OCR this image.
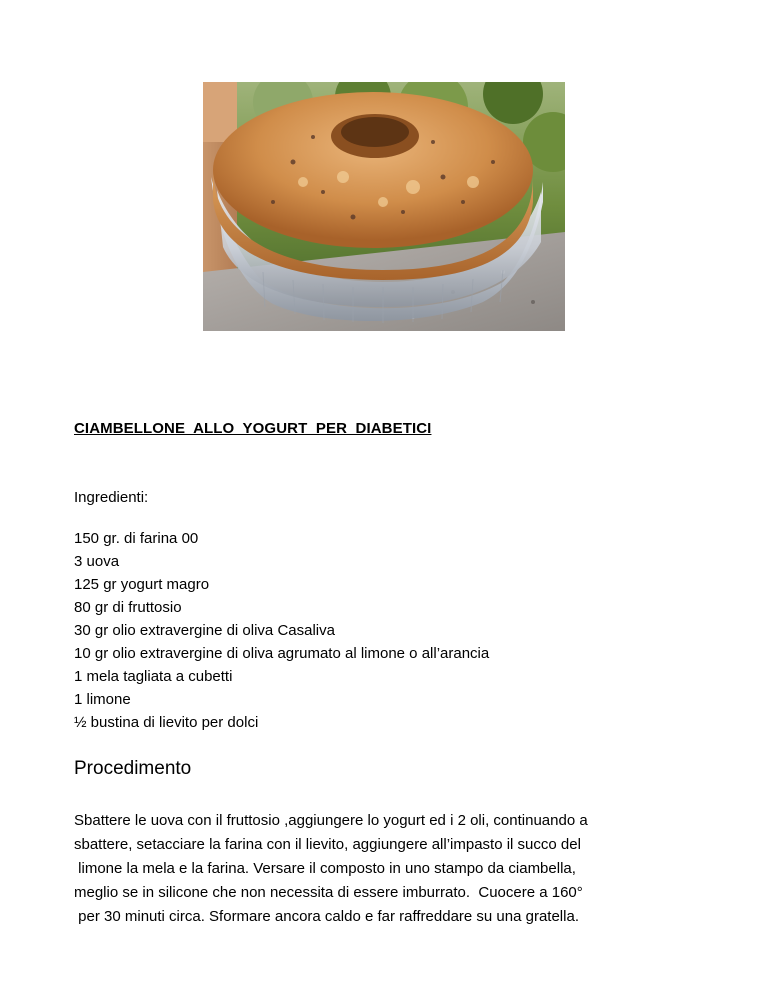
CIAMBELLONE  ALLO  YOGURT  PER  DIABETICI
Ingredienti:
150 gr. di farina 00
3 uova
125 gr yogurt magro
80 gr di fruttosio
30 gr olio extravergine di oliva Casaliva
10 gr olio extravergine di oliva agrumato al limone o all’arancia
1 mela tagliata a cubetti
1 limone
½ bustina di lievito per dolci
Procedimento
Sbattere le uova con il fruttosio ,aggiungere lo yogurt ed i 2 oli, continuando a
sbattere, setacciare la farina con il lievito, aggiungere all’impasto il succo del
limone la mela e la farina. Versare il composto in uno stampo da ciambella,
meglio se in silicone che non necessita di essere imburrato.  Cuocere a 160°
per 30 minuti circa. Sformare ancora caldo e far raffreddare su una gratella.
